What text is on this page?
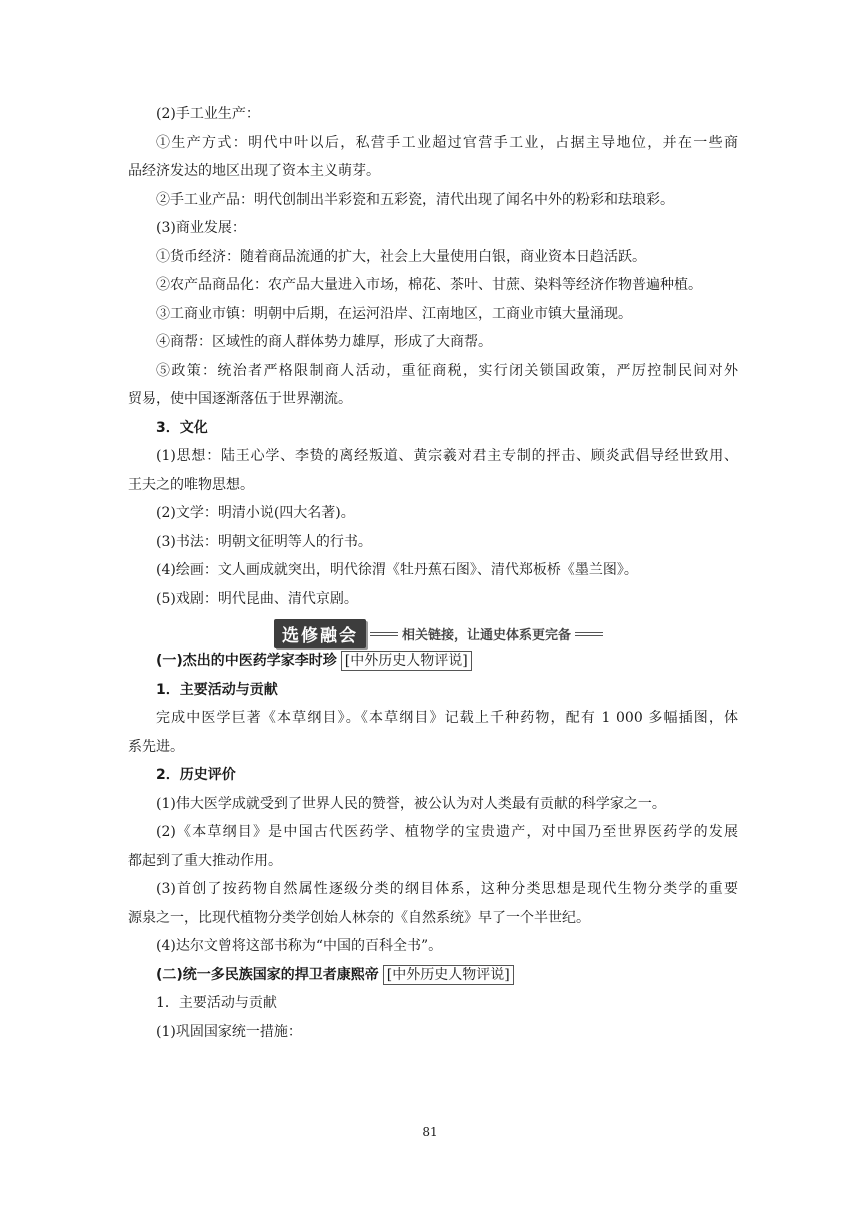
(2)手工业生产：
①生产方式：明代中叶以后，私营手工业超过官营手工业，占据主导地位，并在一些商
品经济发达的地区出现了资本主义萌芽。
②手工业产品：明代创制出半彩瓷和五彩瓷，清代出现了闻名中外的粉彩和珐琅彩。
(3)商业发展：
①货币经济：随着商品流通的扩大，社会上大量使用白银，商业资本日趋活跃。
②农产品商品化：农产品大量进入市场，棉花、茶叶、甘蔗、染料等经济作物普遍种植。
③工商业市镇：明朝中后期，在运河沿岸、江南地区，工商业市镇大量涌现。
④商帮：区域性的商人群体势力雄厚，形成了大商帮。
⑤政策：统治者严格限制商人活动，重征商税，实行闭关锁国政策，严厉控制民间对外
贸易，使中国逐渐落伍于世界潮流。
3．文化
(1)思想：陆王心学、李贽的离经叛道、黄宗羲对君主专制的抨击、顾炎武倡导经世致用、
王夫之的唯物思想。
(2)文学：明清小说(四大名著)。
(3)书法：明朝文征明等人的行书。
(4)绘画：文人画成就突出，明代徐渭《牡丹蕉石图》、清代郑板桥《墨兰图》。
(5)戏剧：明代昆曲、清代京剧。
选修融会	相关链接，让通史体系更完备
(一)杰出的中医药学家李时珍 [中外历史人物评说]
1．主要活动与贡献
完成中医学巨著《本草纲目》。《本草纲目》记载上千种药物，配有 1 000 多幅插图，体
系先进。
2．历史评价
(1)伟大医学成就受到了世界人民的赞誉，被公认为对人类最有贡献的科学家之一。
(2)《本草纲目》是中国古代医药学、植物学的宝贵遗产，对中国乃至世界医药学的发展
都起到了重大推动作用。
(3)首创了按药物自然属性逐级分类的纲目体系，这种分类思想是现代生物分类学的重要
源泉之一，比现代植物分类学创始人林奈的《自然系统》早了一个半世纪。
(4)达尔文曾将这部书称为“中国的百科全书”。
(二)统一多民族国家的捍卫者康熙帝 [中外历史人物评说]
1．主要活动与贡献
(1)巩固国家统一措施：
81
